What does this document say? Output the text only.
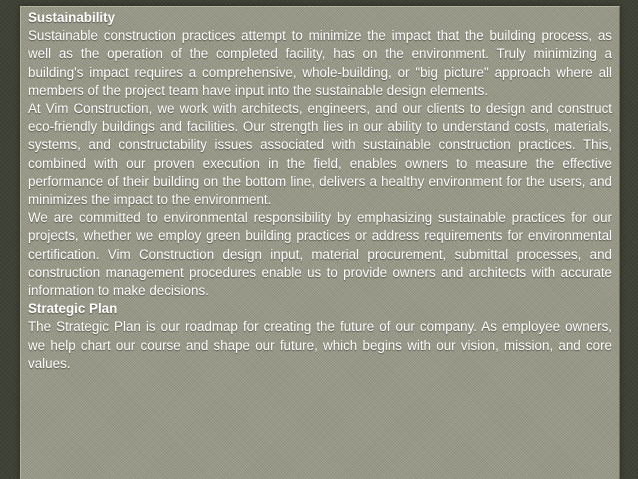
Sustainability

Sustainable construction practices attempt to minimize the impact that the building process, as well as the operation of the completed facility, has on the environment. Truly minimizing a building's impact requires a comprehensive, whole-building, or "big picture" approach where all members of the project team have input into the sustainable design elements.

At Vim Construction, we work with architects, engineers, and our clients to design and construct eco-friendly buildings and facilities. Our strength lies in our ability to understand costs, materials, systems, and constructability issues associated with sustainable construction practices. This, combined with our proven execution in the field, enables owners to measure the effective performance of their building on the bottom line, delivers a healthy environment for the users, and minimizes the impact to the environment.

We are committed to environmental responsibility by emphasizing sustainable practices for our projects, whether we employ green building practices or address requirements for environmental certification. Vim Construction design input, material procurement, submittal processes, and construction management procedures enable us to provide owners and architects with accurate information to make decisions.

Strategic Plan

The Strategic Plan is our roadmap for creating the future of our company. As employee owners, we help chart our course and shape our future, which begins with our vision, mission, and core values.
